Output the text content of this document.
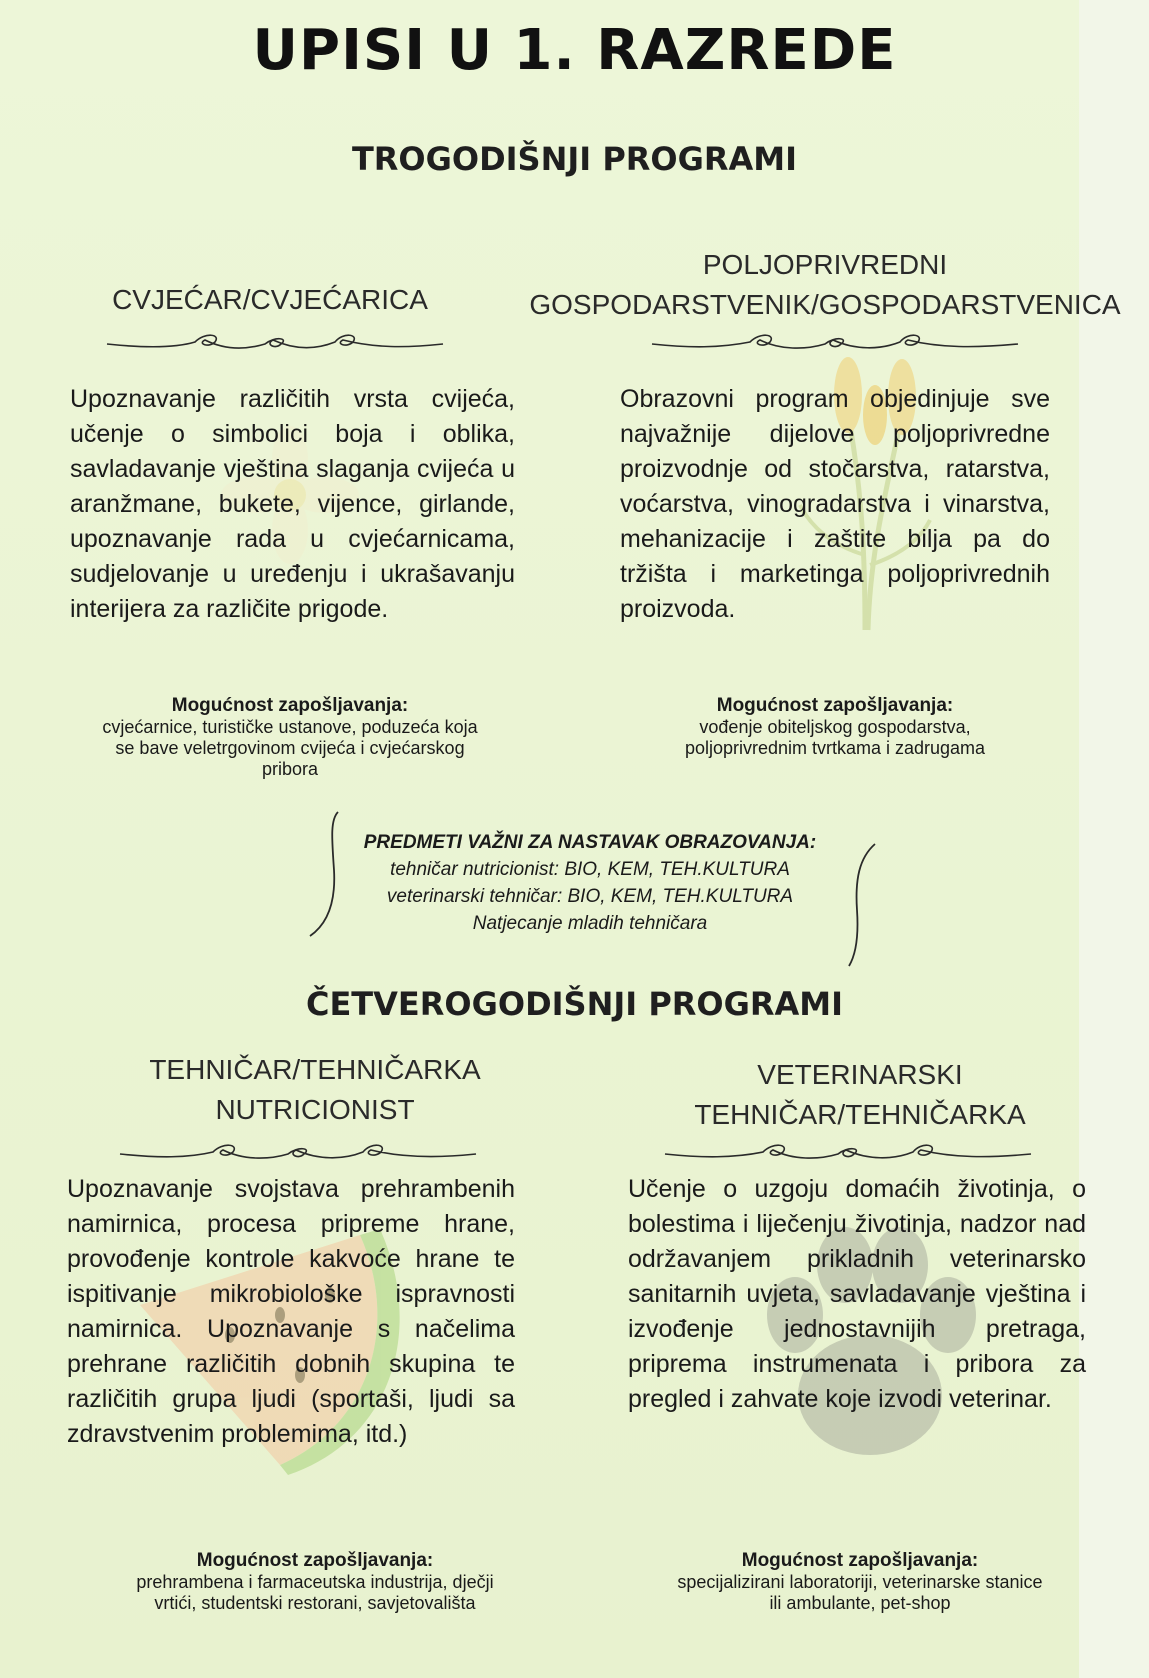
UPISI U 1. RAZREDE
TROGODIŠNJI PROGRAMI
CVJEĆAR/CVJEĆARICA

Upoznavanje različitih vrsta cvijeća, učenje o simbolici boja i oblika, savladavanje vještina slaganja cvijeća u aranžmane, bukete, vijence, girlande, upoznavanje rada u cvjećarnicama, sudjelovanje u uređenju i ukrašavanju interijera za različite prigode.

Mogućnost zapošljavanja:
cvjećarnice, turističke ustanove, poduzeća koja se bave veletrgovinom cvijeća i cvjećarskog pribora
POLJOPRIVREDNI
GOSPODARSTVENIK/GOSPODARSTVENICA

Obrazovni program objedinjuje sve najvažnije dijelove poljoprivredne proizvodnje od stočarstva, ratarstva, voćarstva, vinogradarstva i vinarstva, mehanizacije i zaštite bilja pa do tržišta i marketinga poljoprivrednih proizvoda.

Mogućnost zapošljavanja:
vođenje obiteljskog gospodarstva, poljoprivrednim tvrtkama i zadrugama
PREDMETI VAŽNI ZA NASTAVAK OBRAZOVANJA:
tehničar nutricionist: BIO, KEM, TEH.KULTURA
veterinarski tehničar: BIO, KEM, TEH.KULTURA
Natjecanje mladih tehničara
ČETVEROGODIŠNJI PROGRAMI
TEHNIČAR/TEHNIČARKA
NUTRICIONIST

Upoznavanje svojstava prehrambenih namirnica, procesa pripreme hrane, provođenje kontrole kakvoće hrane te ispitivanje mikrobiološke ispravnosti namirnica. Upoznavanje s načelima prehrane različitih dobnih skupina te različitih grupa ljudi (sportaši, ljudi sa zdravstvenim problemima, itd.)

Mogućnost zapošljavanja:
prehrambena i farmaceutska industrija, dječji vrtići, studentski restorani, savjetovališta
VETERINARSKI
TEHNIČAR/TEHNIČARKA

Učenje o uzgoju domaćih životinja, o bolestima i liječenju životinja, nadzor nad održavanjem prikladnih veterinarsko sanitarnih uvjeta, savladavanje vještina i izvođenje jednostavnijih pretraga, priprema instrumenata i pribora za pregled i zahvate koje izvodi veterinar.

Mogućnost zapošljavanja:
specijalizirani laboratoriji, veterinarske stanice ili ambulante, pet-shop
